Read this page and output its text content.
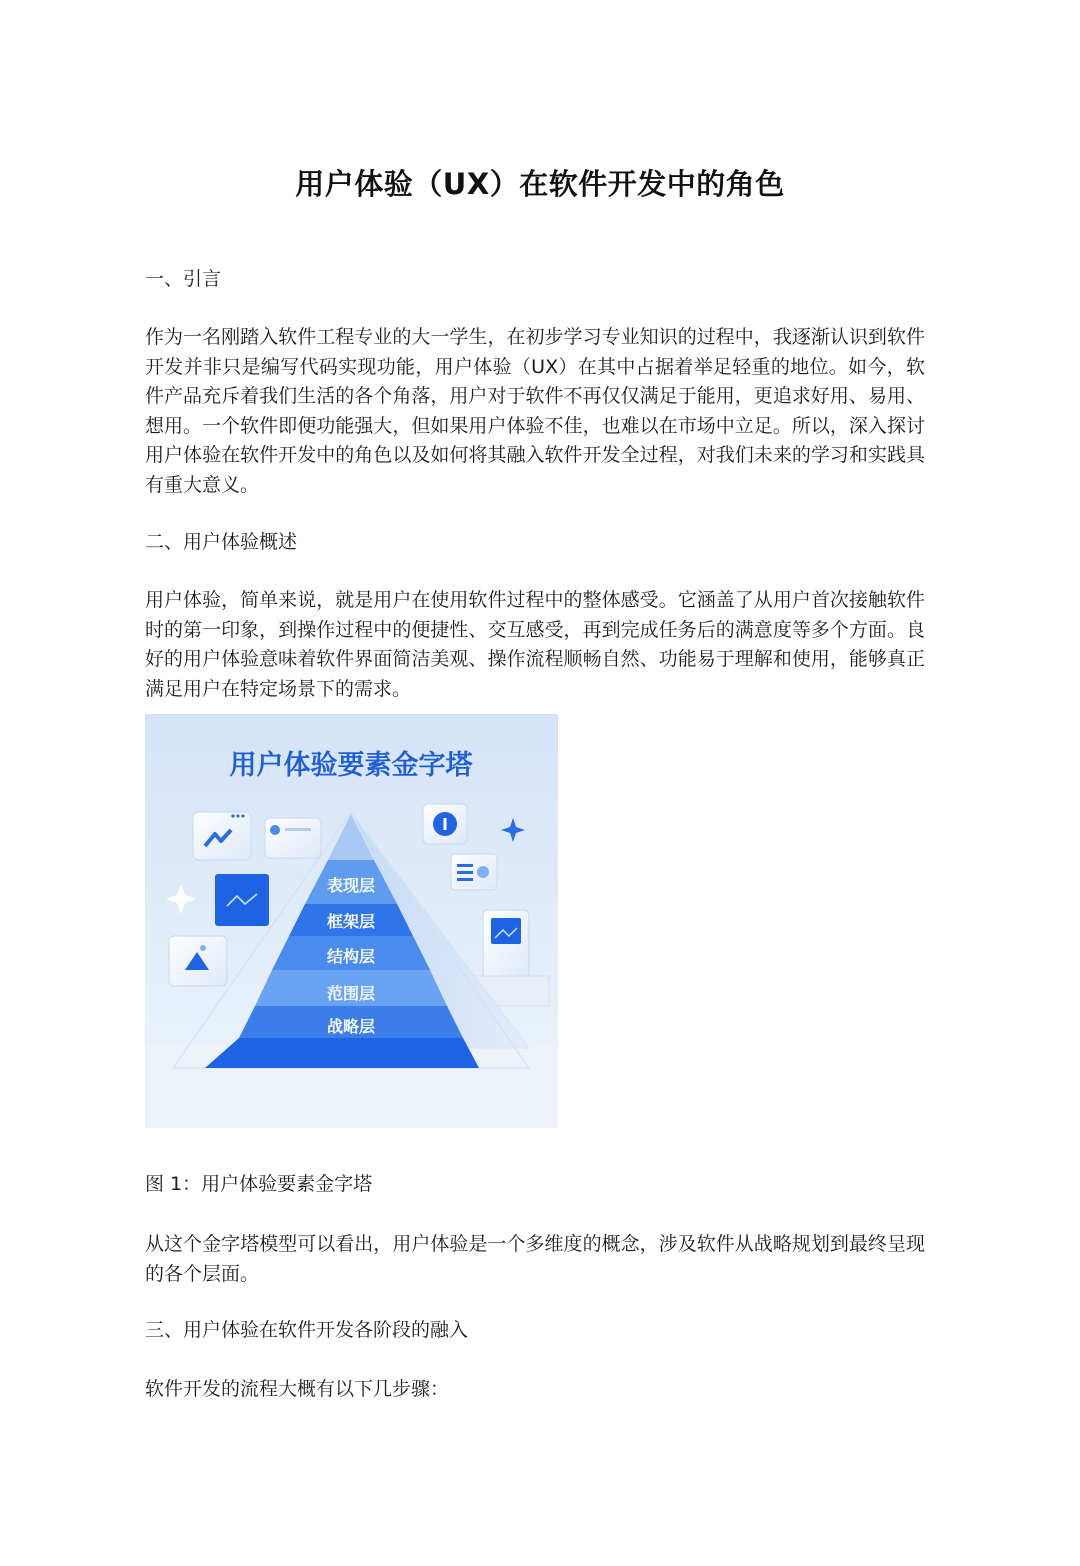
用户体验（UX）在软件开发中的角色

一、引言

作为一名刚踏入软件工程专业的大一学生，在初步学习专业知识的过程中，我逐渐认识到软件开发并非只是编写代码实现功能，用户体验（UX）在其中占据着举足轻重的地位。如今，软件产品充斥着我们生活的各个角落，用户对于软件不再仅仅满足于能用，更追求好用、易用、想用。一个软件即便功能强大，但如果用户体验不佳，也难以在市场中立足。所以，深入探讨用户体验在软件开发中的角色以及如何将其融入软件开发全过程，对我们未来的学习和实践具有重大意义。

二、用户体验概述

用户体验，简单来说，就是用户在使用软件过程中的整体感受。它涵盖了从用户首次接触软件时的第一印象，到操作过程中的便捷性、交互感受，再到完成任务后的满意度等多个方面。良好的用户体验意味着软件界面简洁美观、操作流程顺畅自然、功能易于理解和使用，能够真正满足用户在特定场景下的需求。

用户体验要素金字塔
表现层
框架层
结构层
范围层
战略层

图 1：用户体验要素金字塔

从这个金字塔模型可以看出，用户体验是一个多维度的概念，涉及软件从战略规划到最终呈现的各个层面。

三、用户体验在软件开发各阶段的融入

软件开发的流程大概有以下几步骤：
